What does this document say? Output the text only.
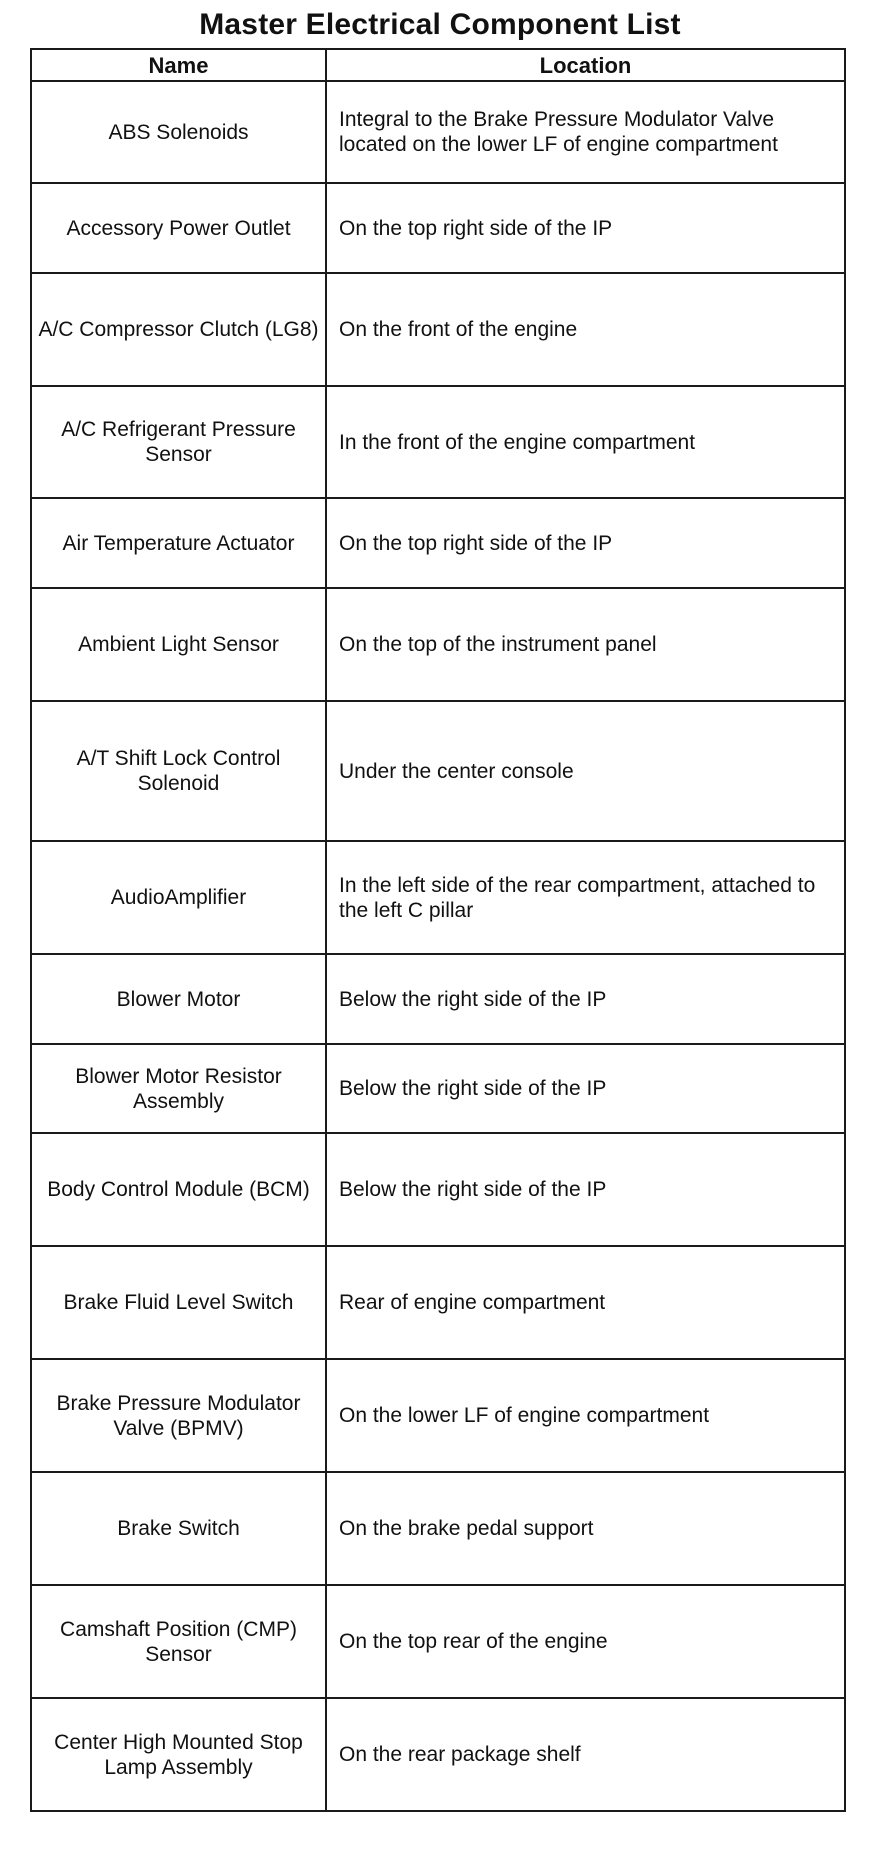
Master Electrical Component List
Name	Location
ABS Solenoids	Integral to the Brake Pressure Modulator Valve located on the lower LF of engine compartment
Accessory Power Outlet	On the top right side of the IP
A/C Compressor Clutch (LG8)	On the front of the engine
A/C Refrigerant Pressure Sensor	In the front of the engine compartment
Air Temperature Actuator	On the top right side of the IP
Ambient Light Sensor	On the top of the instrument panel
A/T Shift Lock Control Solenoid	Under the center console
AudioAmplifier	In the left side of the rear compartment, attached to the left C pillar
Blower Motor	Below the right side of the IP
Blower Motor Resistor Assembly	Below the right side of the IP
Body Control Module (BCM)	Below the right side of the IP
Brake Fluid Level Switch	Rear of engine compartment
Brake Pressure Modulator Valve (BPMV)	On the lower LF of engine compartment
Brake Switch	On the brake pedal support
Camshaft Position (CMP) Sensor	On the top rear of the engine
Center High Mounted Stop Lamp Assembly	On the rear package shelf
